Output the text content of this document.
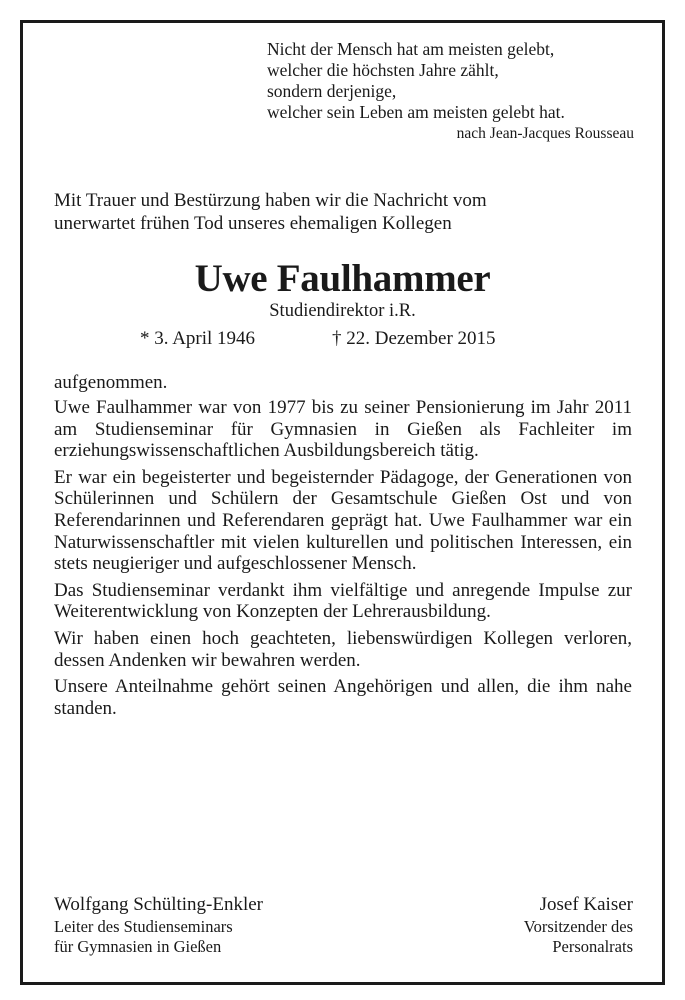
Nicht der Mensch hat am meisten gelebt,
welcher die höchsten Jahre zählt,
sondern derjenige,
welcher sein Leben am meisten gelebt hat.
nach Jean-Jacques Rousseau
Mit Trauer und Bestürzung haben wir die Nachricht vom
unerwartet frühen Tod unseres ehemaligen Kollegen
Uwe Faulhammer
Studiendirektor i.R.
* 3. April 1946	† 22. Dezember 2015
aufgenommen.

Uwe Faulhammer war von 1977 bis zu seiner Pensionierung im Jahr 2011 am Studienseminar für Gymnasien in Gießen als Fachleiter im erziehungswissenschaftlichen Ausbildungsbereich tätig.

Er war ein begeisterter und begeisternder Pädagoge, der Generationen von Schülerinnen und Schülern der Gesamtschule Gießen Ost und von Referendarinnen und Referendaren geprägt hat. Uwe Faulhammer war ein Naturwissenschaftler mit vielen kulturellen und politischen Interessen, ein stets neugieriger und aufgeschlossener Mensch.

Das Studienseminar verdankt ihm vielfältige und anregende Impulse zur Weiterentwicklung von Konzepten der Lehrerausbildung.

Wir haben einen hoch geachteten, liebenswürdigen Kollegen verloren, dessen Andenken wir bewahren werden.

Unsere Anteilnahme gehört seinen Angehörigen und allen, die ihm nahe standen.

Wolfgang Schülting-Enkler
Leiter des Studienseminars
für Gymnasien in Gießen
Josef Kaiser
Vorsitzender des
Personalrats
